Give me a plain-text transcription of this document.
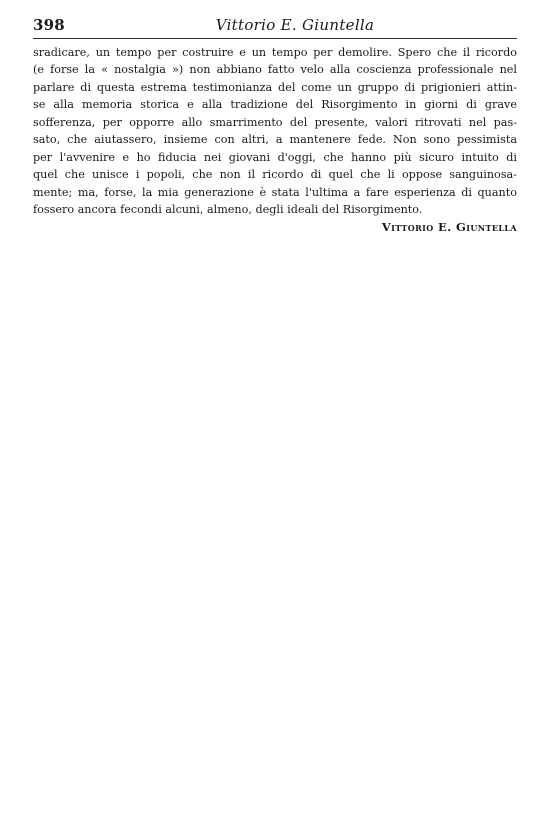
398	Vittorio E. Giuntella
sradicare, un tempo per costruire e un tempo per demolire. Spero che il ricordo
(e forse la « nostalgia ») non abbiano fatto velo alla coscienza professionale nel
parlare di questa estrema testimonianza del come un gruppo di prigionieri attin-
se alla memoria storica e alla tradizione del Risorgimento in giorni di grave
sofferenza, per opporre allo smarrimento del presente, valori ritrovati nel pas-
sato, che aiutassero, insieme con altri, a mantenere fede. Non sono pessimista
per l'avvenire e ho fiducia nei giovani d'oggi, che hanno più sicuro intuito di
quel che unisce i popoli, che non il ricordo di quel che li oppose sanguinosa-
mente; ma, forse, la mia generazione è stata l'ultima a fare esperienza di quanto
fossero ancora fecondi alcuni, almeno, degli ideali del Risorgimento.
Vittorio E. Giuntella
